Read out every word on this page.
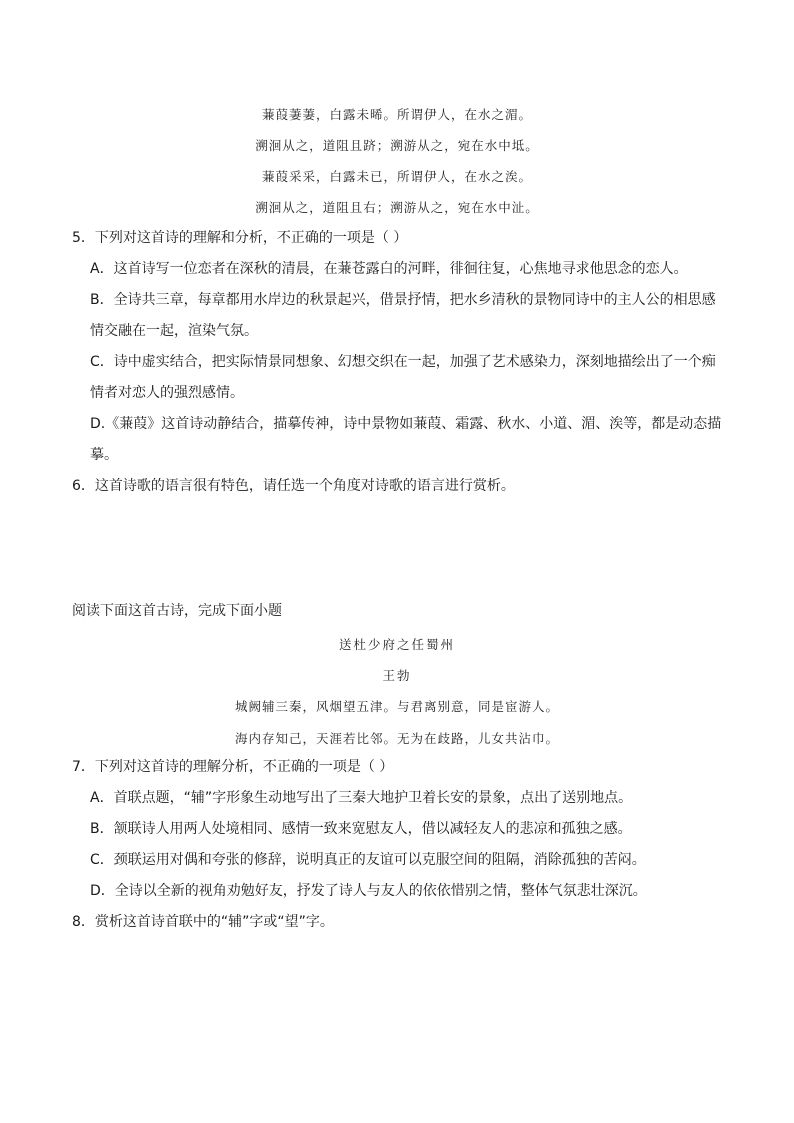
蒹葭萋萋，白露未晞。所谓伊人，在水之湄。
溯洄从之，道阻且跻；溯游从之，宛在水中坻。
蒹葭采采，白露未已，所谓伊人，在水之涘。
溯洄从之，道阻且右；溯游从之，宛在水中沚。
5．下列对这首诗的理解和分析，不正确的一项是（ ）
A．这首诗写一位恋者在深秋的清晨，在蒹苍露白的河畔，徘徊往复，心焦地寻求他思念的恋人。
B．全诗共三章，每章都用水岸边的秋景起兴，借景抒情，把水乡清秋的景物同诗中的主人公的相思感
情交融在一起，渲染气氛。
C．诗中虚实结合，把实际情景同想象、幻想交织在一起，加强了艺术感染力，深刻地描绘出了一个痴
情者对恋人的强烈感情。
D.《蒹葭》这首诗动静结合，描摹传神，诗中景物如蒹葭、霜露、秋水、小道、湄、涘等，都是动态描
摹。
6．这首诗歌的语言很有特色，请任选一个角度对诗歌的语言进行赏析。
阅读下面这首古诗，完成下面小题
送杜少府之任蜀州
王勃
城阙辅三秦，风烟望五津。与君离别意，同是宦游人。
海内存知己，天涯若比邻。无为在歧路，儿女共沾巾。
7．下列对这首诗的理解分析，不正确的一项是（ ）
A．首联点题，“辅”字形象生动地写出了三秦大地护卫着长安的景象，点出了送别地点。
B．颔联诗人用两人处境相同、感情一致来宽慰友人，借以减轻友人的悲凉和孤独之感。
C．颈联运用对偶和夸张的修辞，说明真正的友谊可以克服空间的阻隔，消除孤独的苦闷。
D．全诗以全新的视角劝勉好友，抒发了诗人与友人的依依惜别之情，整体气氛悲壮深沉。
8．赏析这首诗首联中的“辅”字或“望”字。
